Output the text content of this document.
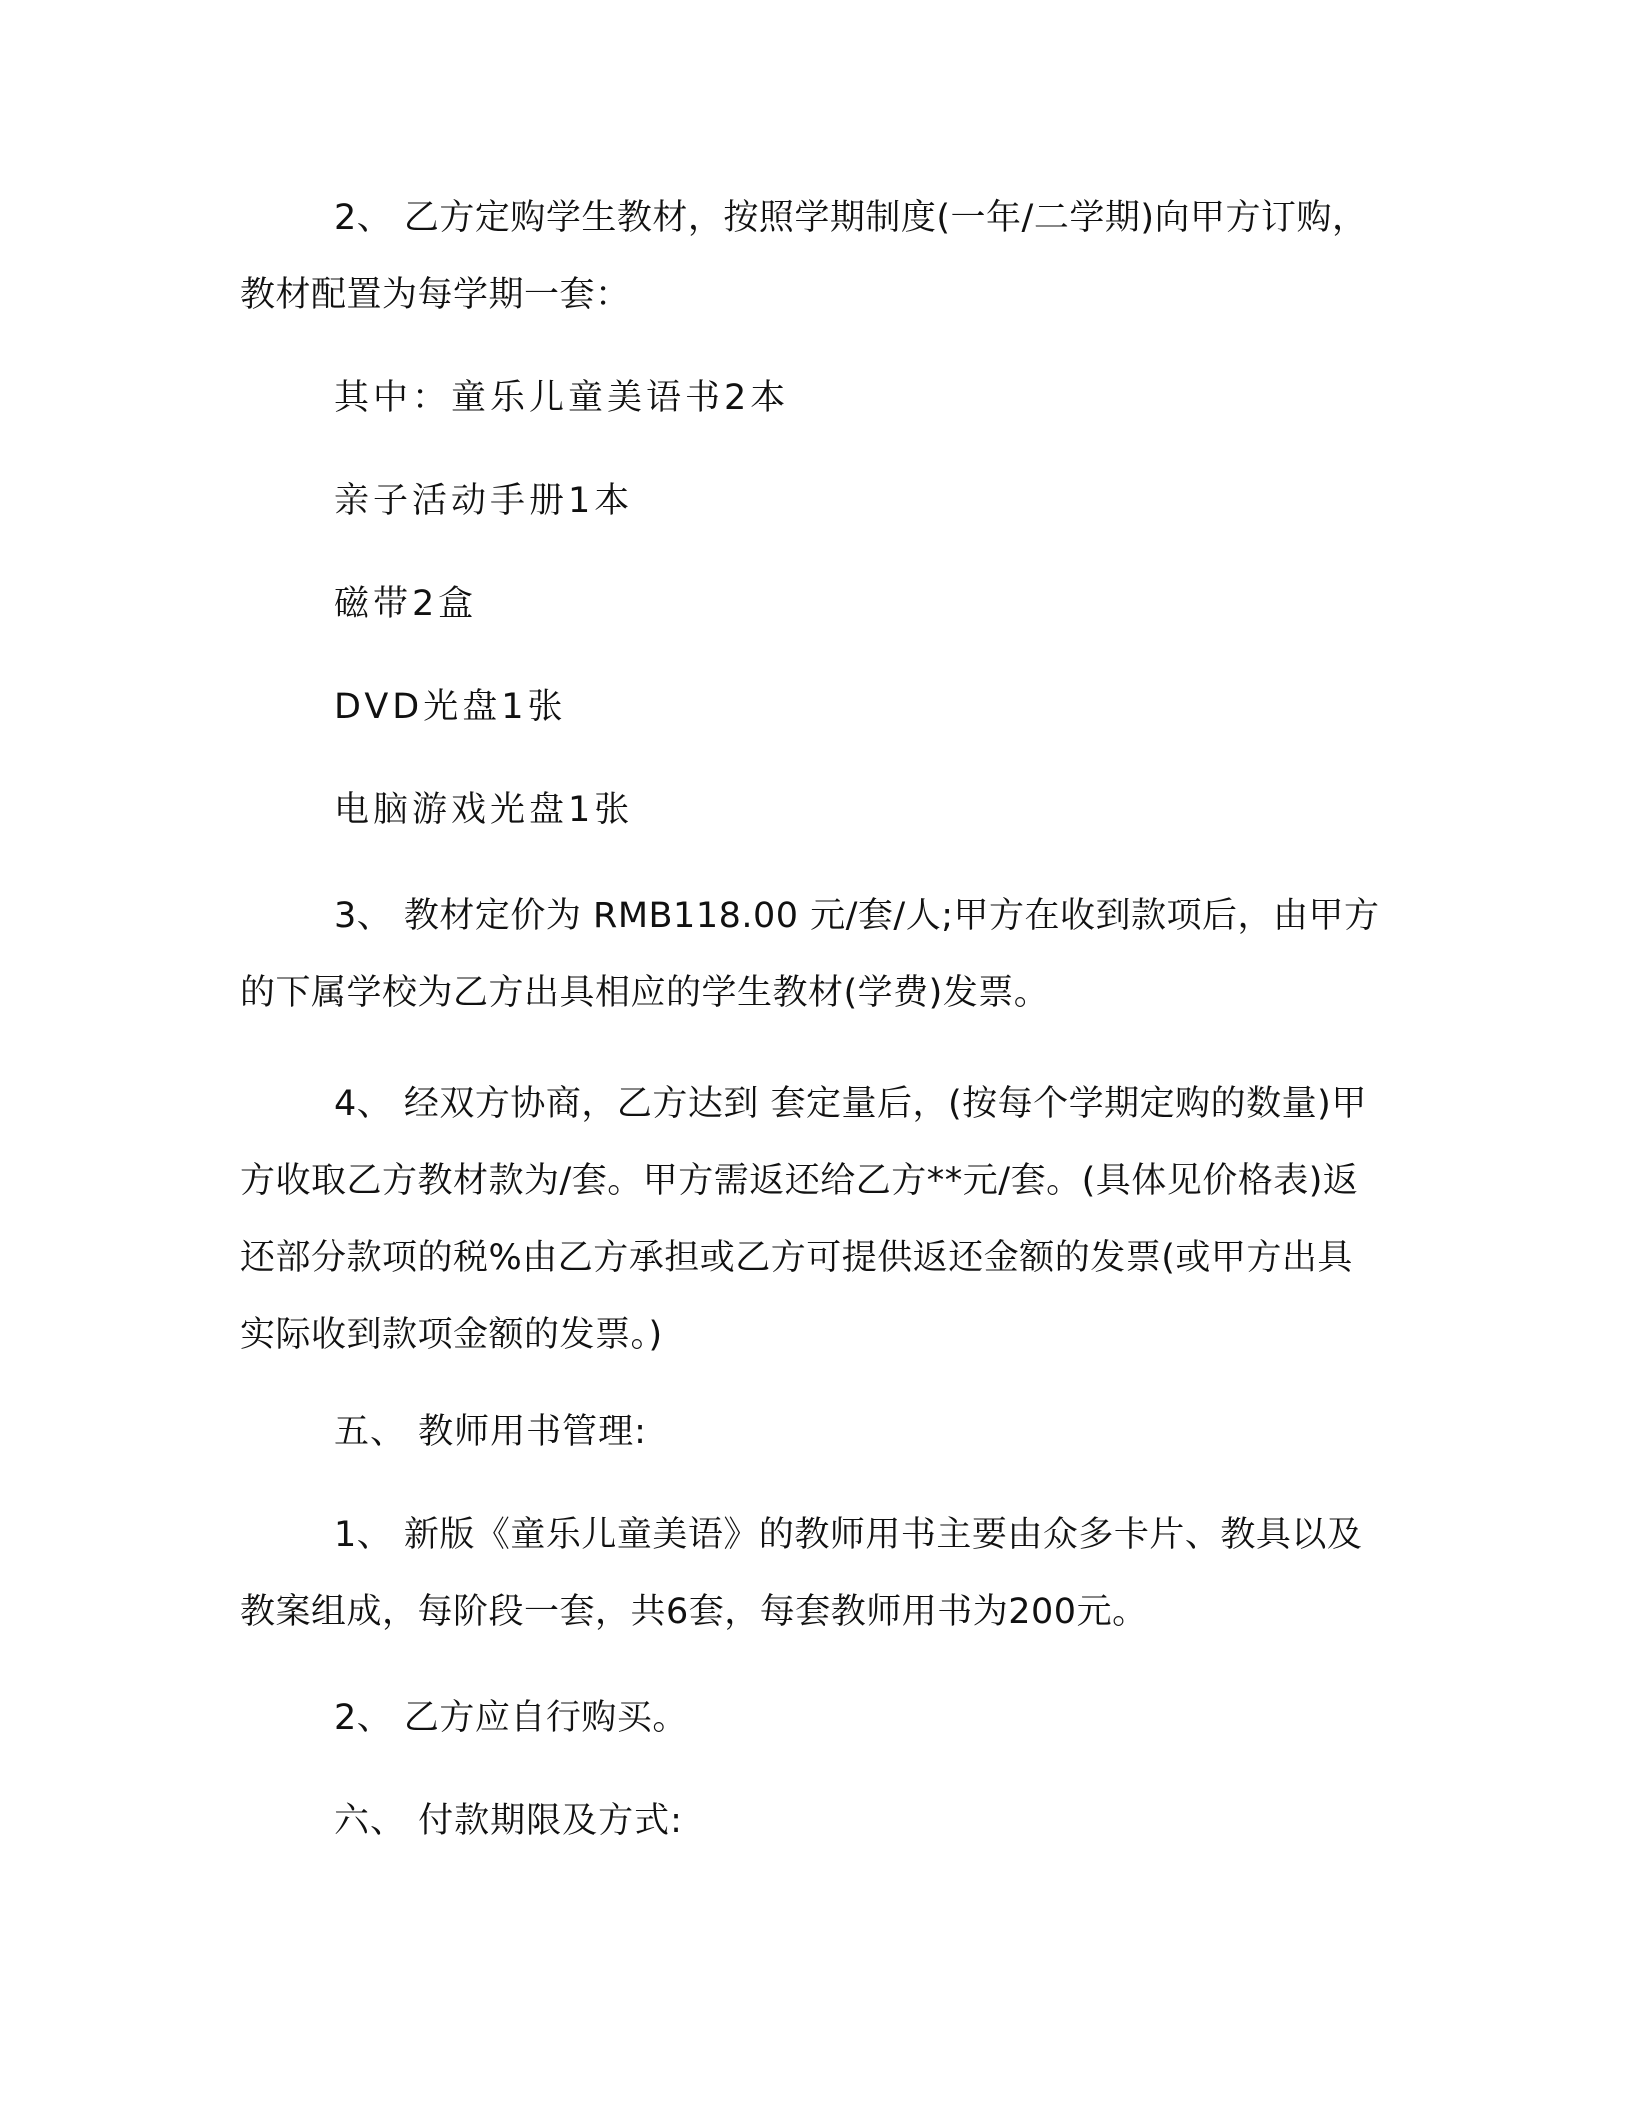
2、 乙方定购学生教材，按照学期制度(一年/二学期)向甲方订购，教材配置为每学期一套：

其中：童乐儿童美语书2本

亲子活动手册1本

磁带2盒

DVD光盘1张

电脑游戏光盘1张

3、 教材定价为 RMB118.00 元/套/人;甲方在收到款项后，由甲方的下属学校为乙方出具相应的学生教材(学费)发票。

4、 经双方协商，乙方达到 套定量后，(按每个学期定购的数量)甲方收取乙方教材款为/套。甲方需返还给乙方**元/套。(具体见价格表)返还部分款项的税%由乙方承担或乙方可提供返还金额的发票(或甲方出具实际收到款项金额的发票。)

五、 教师用书管理:

1、 新版《童乐儿童美语》的教师用书主要由众多卡片、教具以及教案组成，每阶段一套，共6套，每套教师用书为200元。

2、 乙方应自行购买。

六、 付款期限及方式:
